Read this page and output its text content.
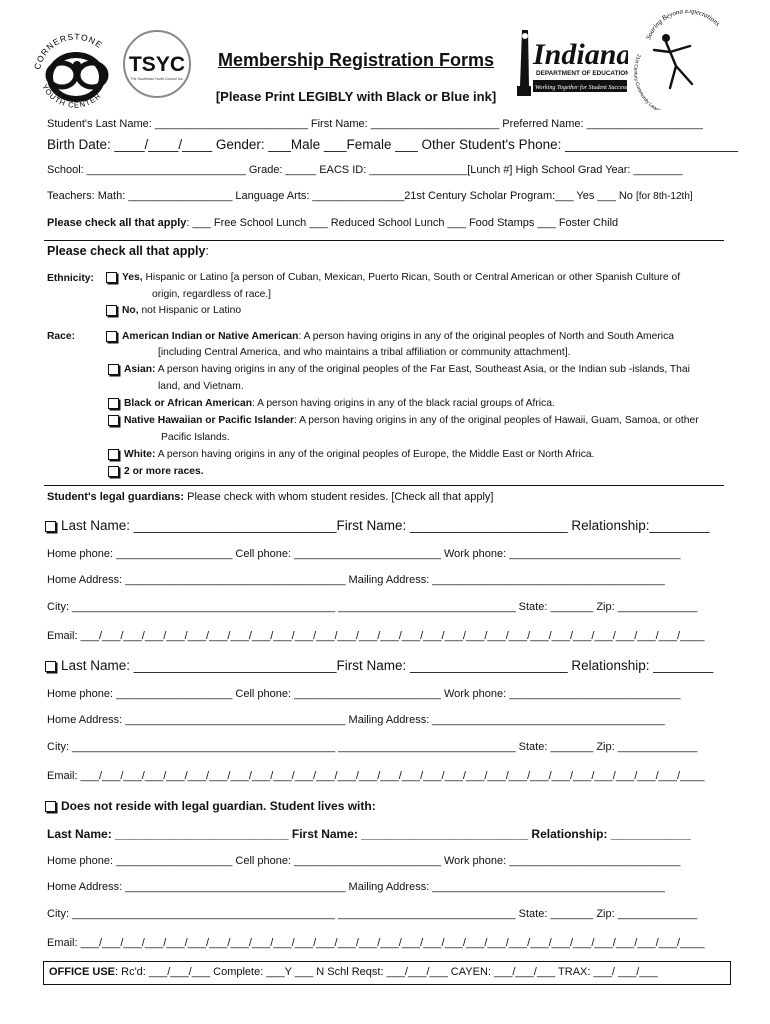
CORNERSTONE
YOUTH CENTER
TSYC
The Southeast Youth Council Inc.
Indiana
DEPARTMENT OF EDUCATION
Working Together for Student Success
Soaring Beyond Expectations
21st Century Community Lear
Membership Registration Forms
[Please Print LEGIBLY with Black or Blue ink]
Student's Last Name: _________________________ First Name: _____________________ Preferred Name: ___________________
Birth Date: ____/____/____ Gender: ___Male ___Female ___ Other Student's Phone: _______________________
School: __________________________ Grade: _____ EACS ID: ________________[Lunch #] High School Grad Year: ________
Teachers: Math: _________________ Language Arts: _______________21st Century Scholar Program:___ Yes ___ No [for 8th-12th]
Please check all that apply: ___ Free School Lunch ___ Reduced School Lunch ___ Food Stamps ___ Foster Child
Please check all that apply:
Ethnicity:
Race:
Yes, Hispanic or Latino [a person of Cuban, Mexican, Puerto Rican, South or Central American or other Spanish Culture of
origin, regardless of race.]
No, not Hispanic or Latino
American Indian or Native American: A person having origins in any of the original peoples of North and South America
[including Central America, and who maintains a tribal affiliation or community attachment].
Asian: A person having origins in any of the original peoples of the Far East, Southeast Asia, or the Indian sub -islands, Thai
land, and Vietnam.
Black or African American: A person having origins in any of the black racial groups of Africa.
Native Hawaiian or Pacific Islander: A person having origins in any of the original peoples of Hawaii, Guam, Samoa, or other
Pacific Islands.
White: A person having origins in any of the original peoples of Europe, the Middle East or North Africa.
2 or more races.
Student's legal guardians: Please check with whom student resides. [Check all that apply]
Last Name: ___________________________First Name: _____________________ Relationship:________
Home phone: ___________________ Cell phone: ________________________ Work phone: ____________________________
Home Address: ____________________________________ Mailing Address: ______________________________________
City: ___________________________________________ _____________________________ State: _______ Zip: _____________
Email: ___/___/___/___/___/___/___/___/___/___/___/___/___/___/___/___/___/___/___/___/___/___/___/___/___/___/___/___/____
Last Name: ___________________________First Name: _____________________ Relationship: ________
Home phone: ___________________ Cell phone: ________________________ Work phone: ____________________________
Home Address: ____________________________________ Mailing Address: ______________________________________
City: ___________________________________________ _____________________________ State: _______ Zip: _____________
Email: ___/___/___/___/___/___/___/___/___/___/___/___/___/___/___/___/___/___/___/___/___/___/___/___/___/___/___/___/____
Does not reside with legal guardian. Student lives with:
Last Name: __________________________ First Name: _________________________ Relationship: ____________
Home phone: ___________________ Cell phone: ________________________ Work phone: ____________________________
Home Address: ____________________________________ Mailing Address: ______________________________________
City: ___________________________________________ _____________________________ State: _______ Zip: _____________
Email: ___/___/___/___/___/___/___/___/___/___/___/___/___/___/___/___/___/___/___/___/___/___/___/___/___/___/___/___/____
OFFICE USE: Rc'd: ___/___/___ Complete: ___Y ___ N Schl Reqst: ___/___/___ CAYEN: ___/___/___ TRAX: ___/ ___/___
